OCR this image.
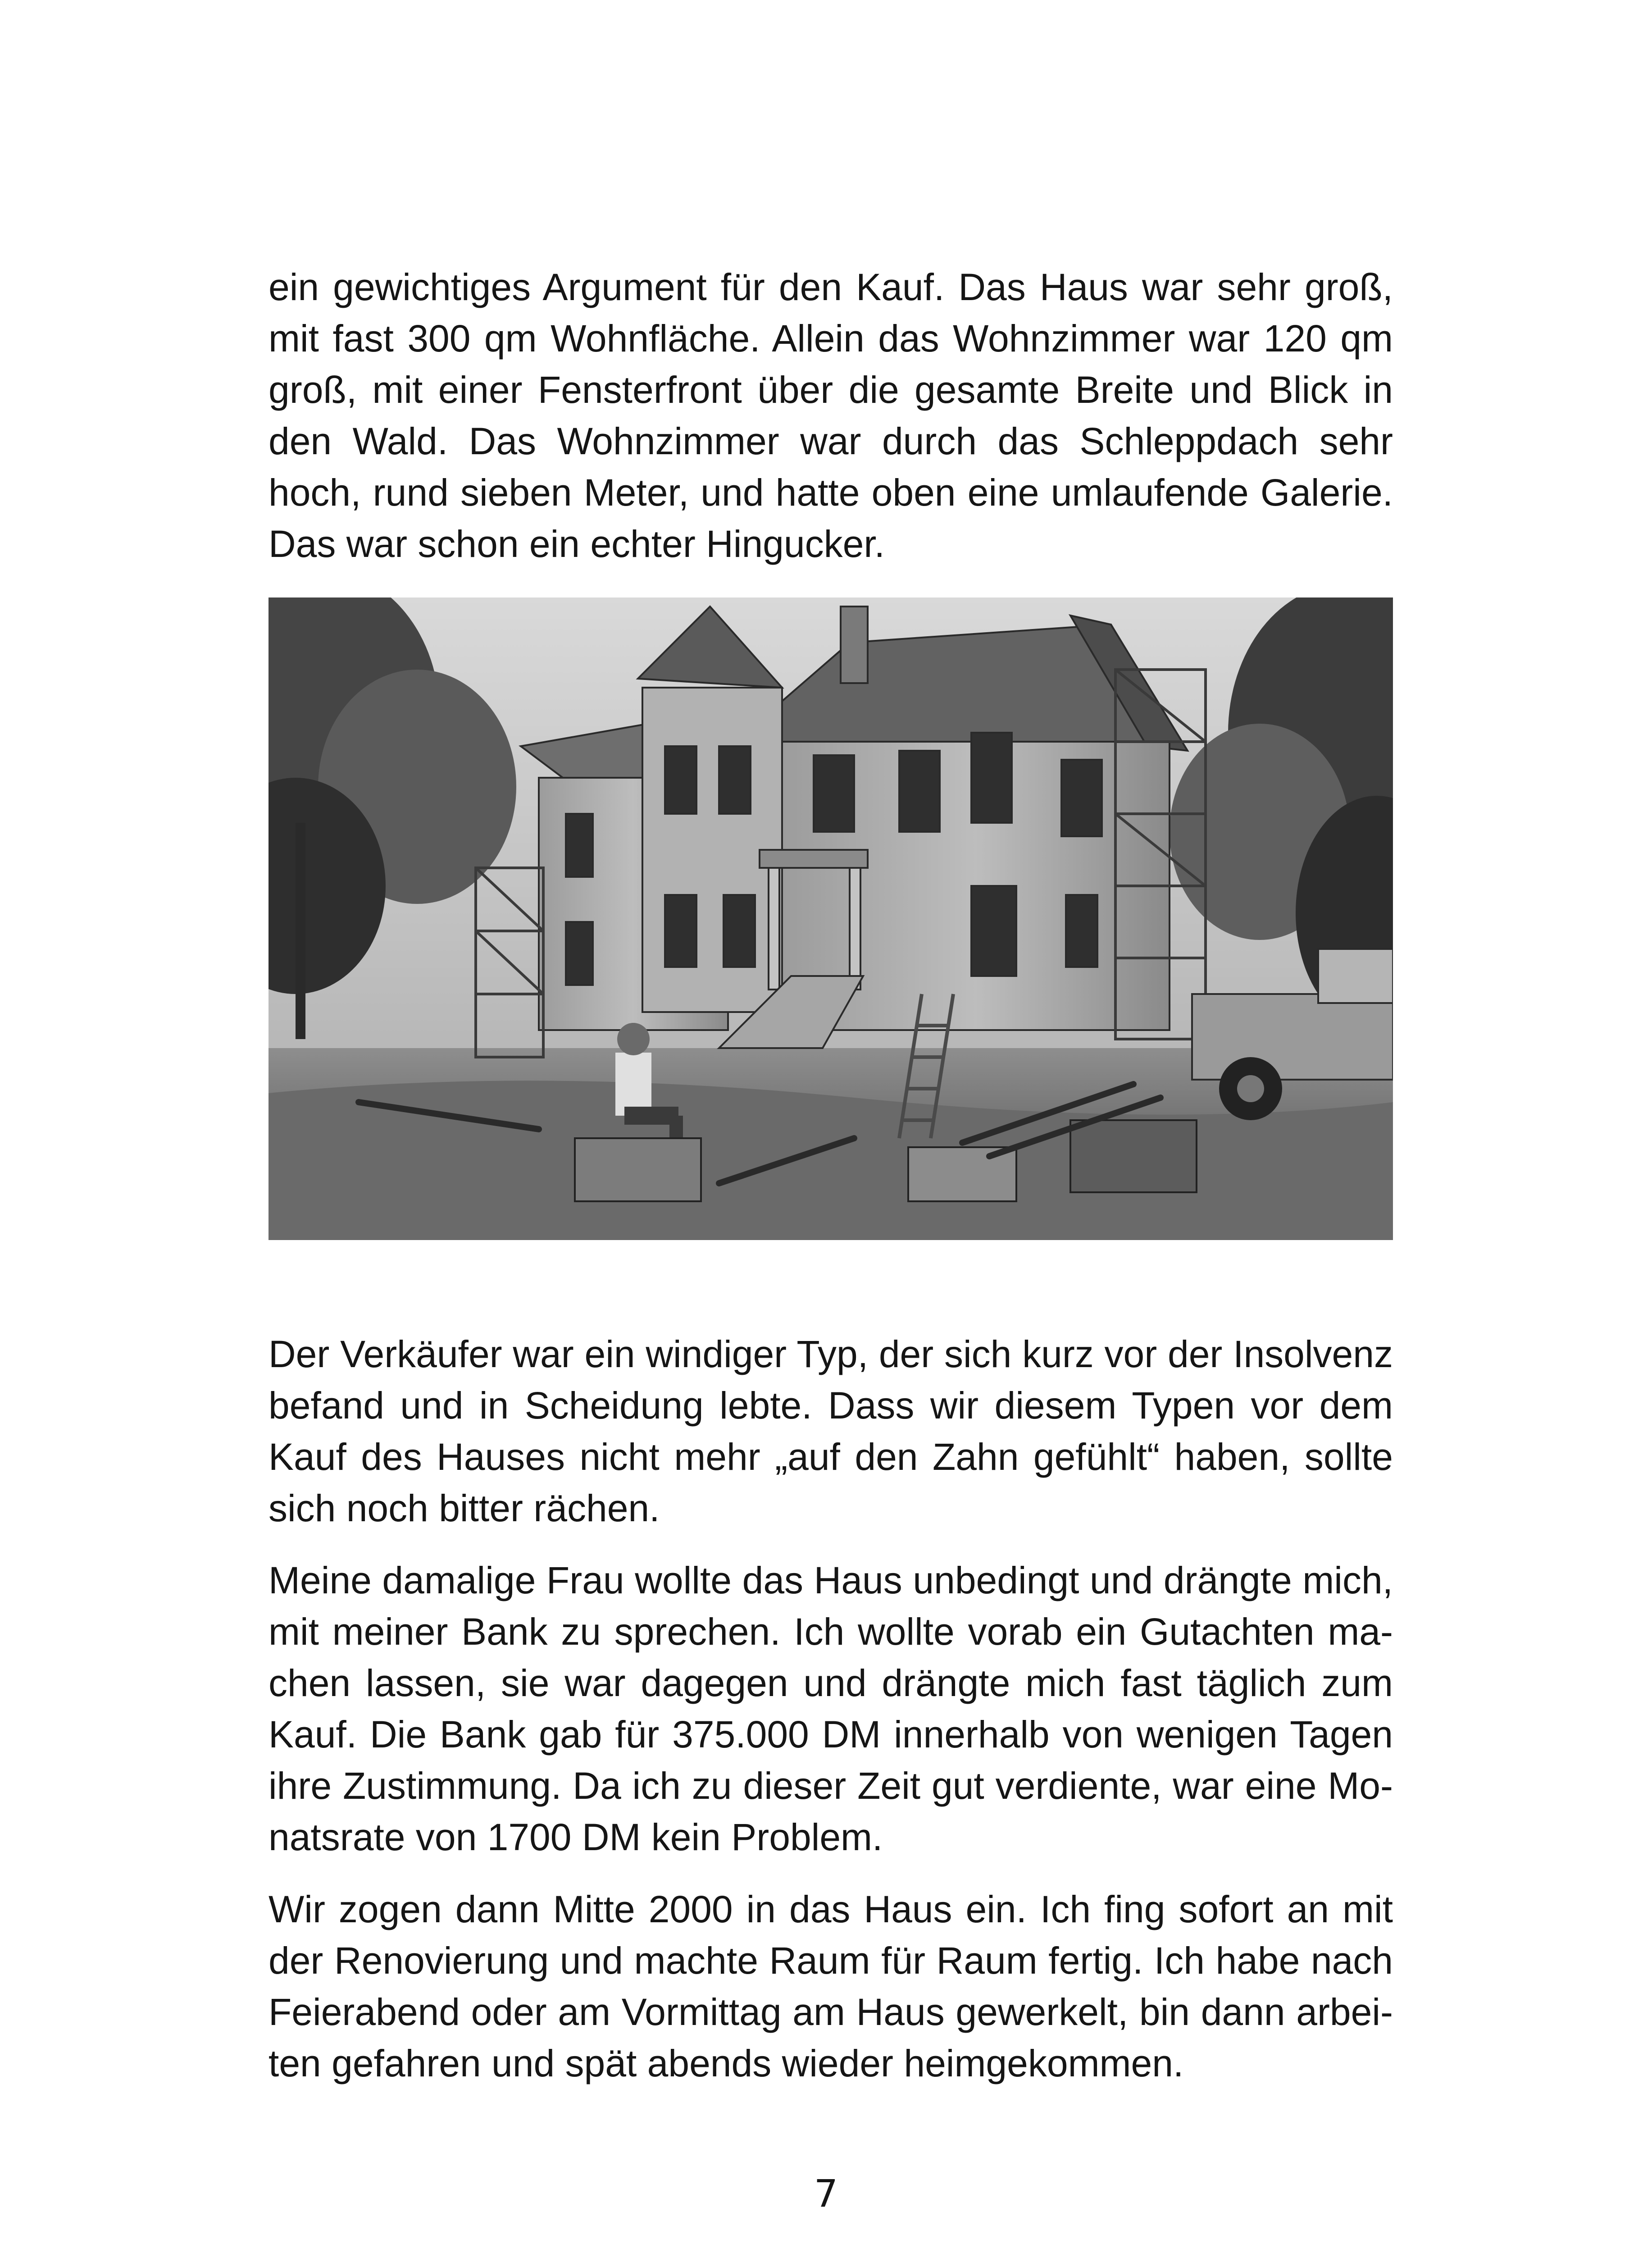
ein gewichtiges Argument für den Kauf. Das Haus war sehr groß, mit fast 300 qm Wohnfläche. Allein das Wohnzimmer war 120 qm groß, mit einer Fensterfront über die gesamte Breite und Blick in den Wald. Das Wohnzimmer war durch das Schleppdach sehr hoch, rund sieben Meter, und hatte oben eine umlaufende Galerie. Das war schon ein echter Hingucker.

Der Verkäufer war ein windiger Typ, der sich kurz vor der Insolvenz befand und in Scheidung lebte. Dass wir diesem Typen vor dem Kauf des Hauses nicht mehr „auf den Zahn gefühlt“ haben, sollte sich noch bitter rächen.

Meine damalige Frau wollte das Haus unbedingt und drängte mich, mit meiner Bank zu sprechen. Ich wollte vorab ein Gutachten machen lassen, sie war dagegen und drängte mich fast täglich zum Kauf. Die Bank gab für 375.000 DM innerhalb von wenigen Tagen ihre Zustimmung. Da ich zu dieser Zeit gut verdiente, war eine Monatsrate von 1700 DM kein Problem.

Wir zogen dann Mitte 2000 in das Haus ein. Ich fing sofort an mit der Renovierung und machte Raum für Raum fertig. Ich habe nach Feierabend oder am Vormittag am Haus gewerkelt, bin dann arbeiten gefahren und spät abends wieder heimgekommen.

7
